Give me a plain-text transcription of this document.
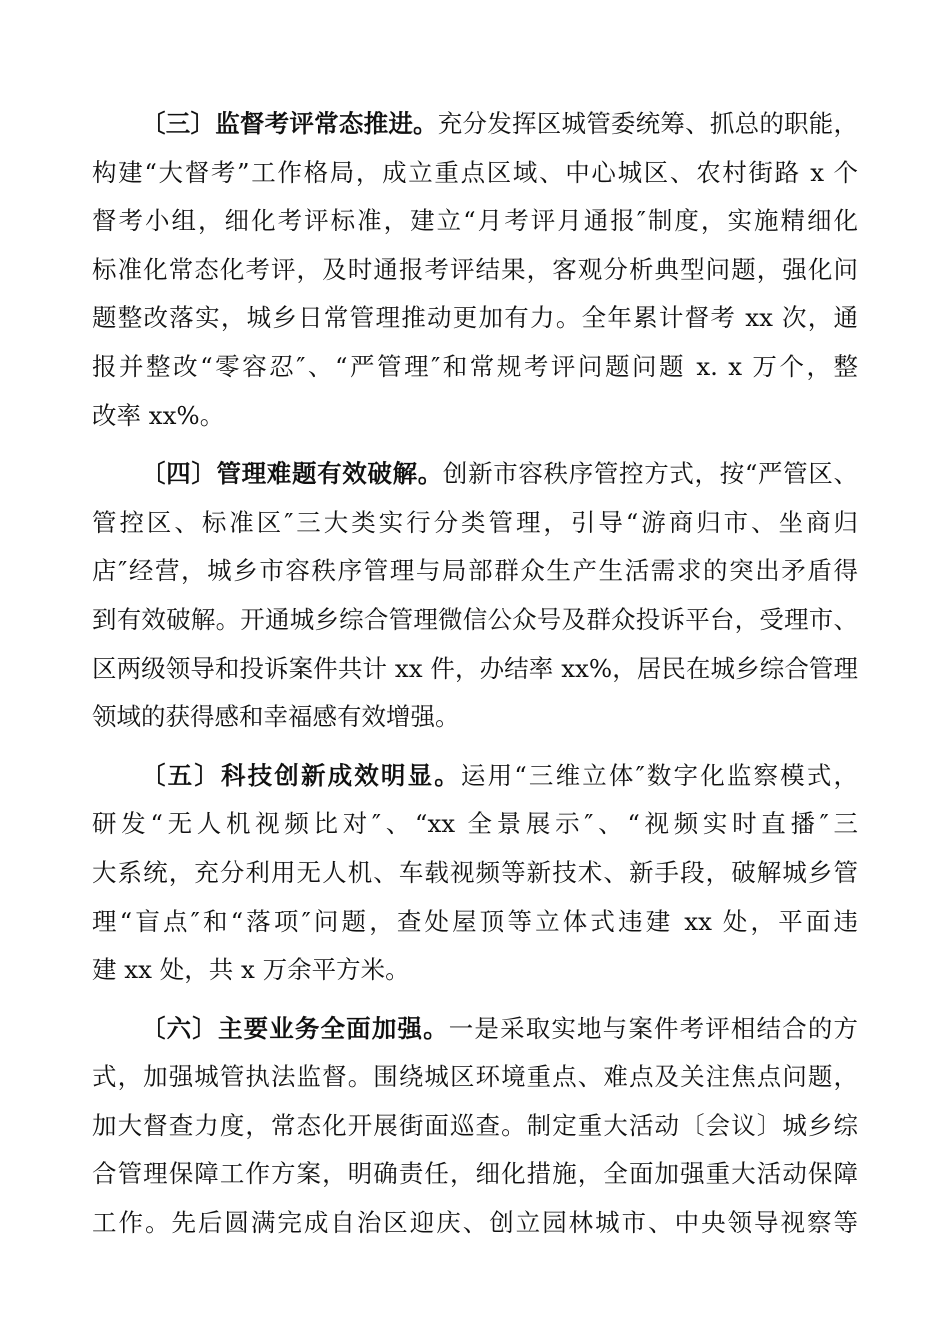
〔三〕监督考评常态推进。充分发挥区城管委统筹、抓总的职能，
构建“大督考”工作格局，成立重点区域、中心城区、农村街路 x 个
督考小组，细化考评标准，建立“月考评月通报″制度，实施精细化
标准化常态化考评，及时通报考评结果，客观分析典型问题，强化问
题整改落实，城乡日常管理推动更加有力。全年累计督考 xx 次，通
报并整改“零容忍″、“严管理″和常规考评问题问题 x. x 万个，整
改率 xx%。
〔四〕管理难题有效破解。创新市容秩序管控方式，按“严管区、
管控区、标准区″三大类实行分类管理，引导“游商归市、坐商归
店″经营，城乡市容秩序管理与局部群众生产生活需求的突出矛盾得
到有效破解。开通城乡综合管理微信公众号及群众投诉平台，受理市、
区两级领导和投诉案件共计 xx 件，办结率 xx%，居民在城乡综合管理
领域的获得感和幸福感有效增强。
〔五〕科技创新成效明显。运用“三维立体″数字化监察模式，
研发“无人机视频比对″、“xx 全景展示″、“视频实时直播″三
大系统，充分利用无人机、车载视频等新技术、新手段，破解城乡管
理“盲点″和“落项″问题，查处屋顶等立体式违建 xx 处，平面违
建 xx 处，共 x 万余平方米。
〔六〕主要业务全面加强。一是采取实地与案件考评相结合的方
式，加强城管执法监督。围绕城区环境重点、难点及关注焦点问题，
加大督查力度，常态化开展街面巡查。制定重大活动〔会议〕城乡综
合管理保障工作方案，明确责任，细化措施，全面加强重大活动保障
工作。先后圆满完成自治区迎庆、创立园林城市、中央领导视察等
